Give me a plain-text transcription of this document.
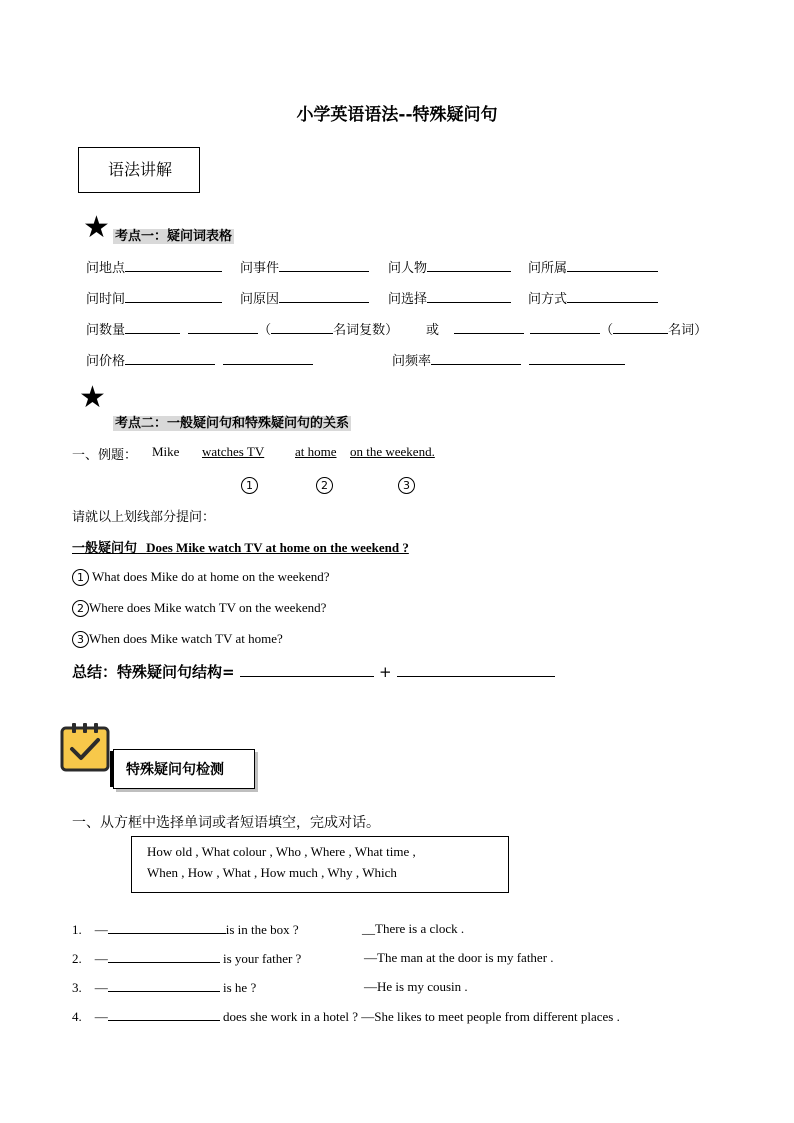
小学英语语法--特殊疑问句
语法讲解
★ 考点一：疑问词表格
问地点	问事件	问人物	问所属
问时间	问原因	问选择	问方式
问数量	（	名词复数） 或	（	名词）
问价格	问频率
★
考点二：一般疑问句和特殊疑问句的关系
一、例题： Mike watches TV at home on the weekend.
1	2	3
请就以上划线部分提问：
一般疑问句 Does Mike watch TV at home on the weekend ?
1 What does Mike do at home on the weekend?
2 Where does Mike watch TV on the weekend?
3 When does Mike watch TV at home?
总结：特殊疑问句结构=	+
特殊疑问句检测
一、从方框中选择单词或者短语填空，完成对话。
How old , What colour , Who , Where , What time ,
When , How , What , How much , Why , Which
1. —	is in the box ?	__There is a clock .
2. —	is your father ?	—The man at the door is my father .
3. —	is he ?	—He is my cousin .
4. —	does she work in a hotel ? —She likes to meet people from different places .
